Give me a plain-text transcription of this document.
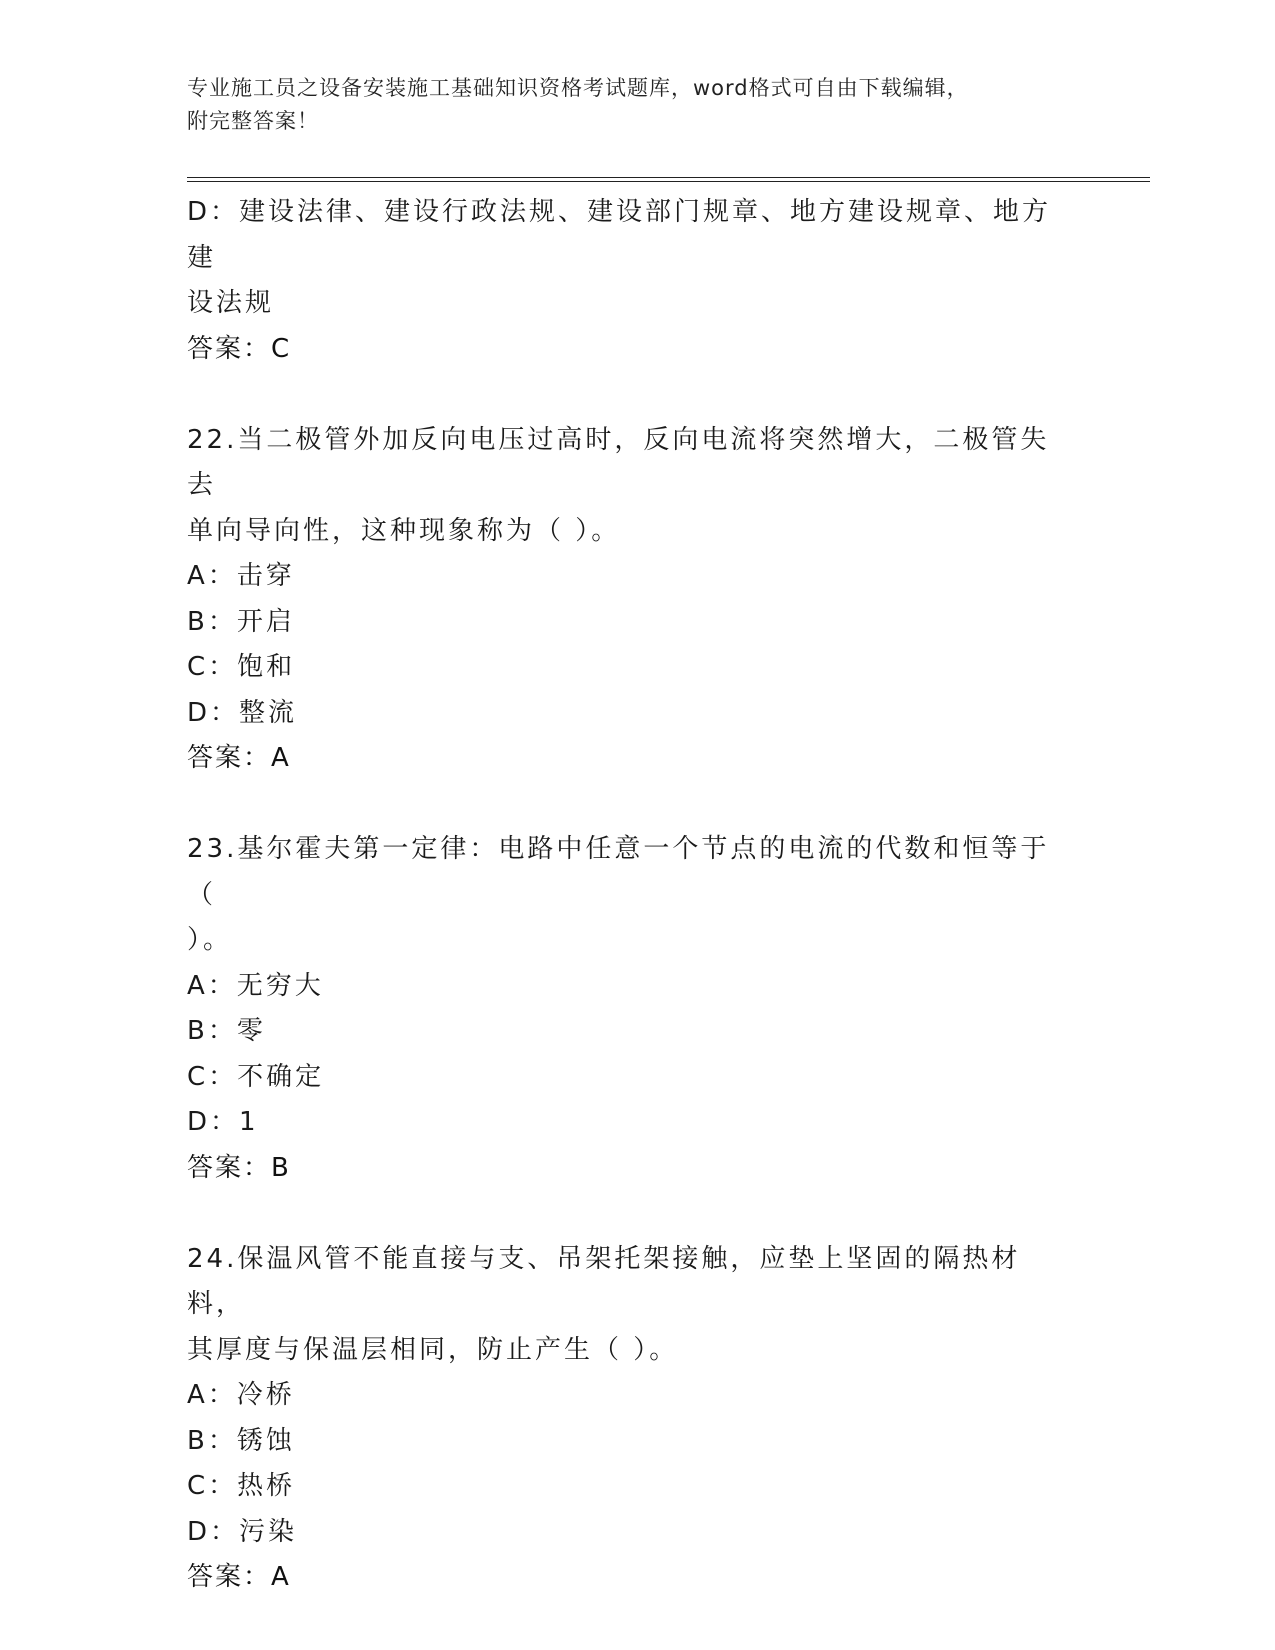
专业施工员之设备安装施工基础知识资格考试题库，word格式可自由下载编辑，
附完整答案！
D：建设法律、建设行政法规、建设部门规章、地方建设规章、地方建
设法规
答案：C
22.当二极管外加反向电压过高时，反向电流将突然增大，二极管失去
单向导向性，这种现象称为（ ）。
A：击穿
B：开启
C：饱和
D：整流
答案：A
23.基尔霍夫第一定律：电路中任意一个节点的电流的代数和恒等于（
）。
A：无穷大
B：零
C：不确定
D：1
答案：B
24.保温风管不能直接与支、吊架托架接触，应垫上坚固的隔热材料，
其厚度与保温层相同，防止产生（ ）。
A：冷桥
B：锈蚀
C：热桥
D：污染
答案：A
